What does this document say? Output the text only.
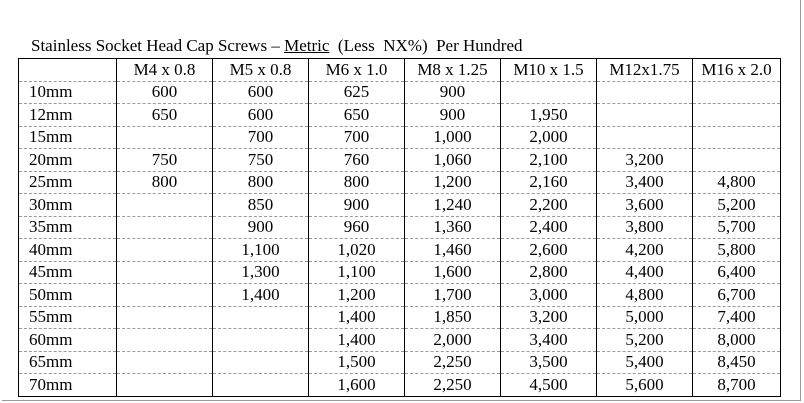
Stainless Socket Head Cap Screws – Metric  (Less  NX%)  Per Hundred
	M4 x 0.8	M5 x 0.8	M6 x 1.0	M8 x 1.25	M10 x 1.5	M12x1.75	M16 x 2.0
10mm	600	600	625	900			
12mm	650	600	650	900	1,950		
15mm		700	700	1,000	2,000		
20mm	750	750	760	1,060	2,100	3,200	
25mm	800	800	800	1,200	2,160	3,400	4,800
30mm		850	900	1,240	2,200	3,600	5,200
35mm		900	960	1,360	2,400	3,800	5,700
40mm		1,100	1,020	1,460	2,600	4,200	5,800
45mm		1,300	1,100	1,600	2,800	4,400	6,400
50mm		1,400	1,200	1,700	3,000	4,800	6,700
55mm			1,400	1,850	3,200	5,000	7,400
60mm			1,400	2,000	3,400	5,200	8,000
65mm			1,500	2,250	3,500	5,400	8,450
70mm			1,600	2,250	4,500	5,600	8,700
